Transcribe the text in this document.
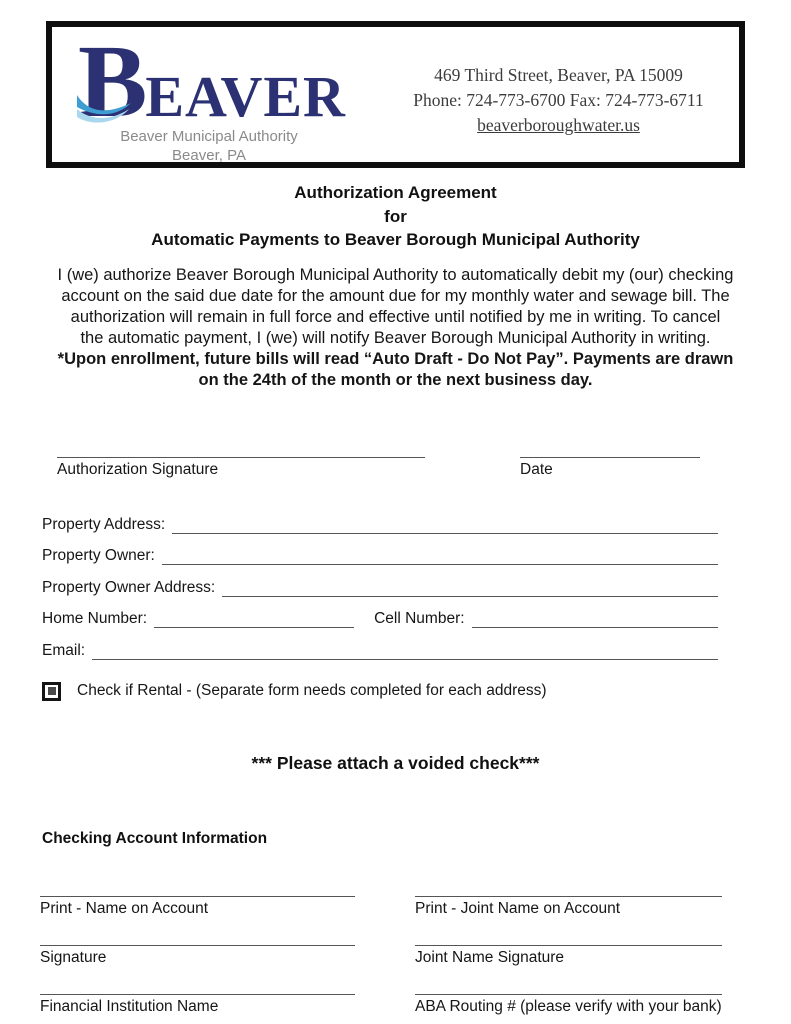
BEAVER
Beaver Municipal Authority
Beaver, PA
469 Third Street, Beaver, PA 15009
Phone: 724-773-6700 Fax: 724-773-6711
beaverboroughwater.us
Authorization Agreement
for
Automatic Payments to Beaver Borough Municipal Authority
I (we) authorize Beaver Borough Municipal Authority to automatically debit my (our) checking
account on the said due date for the amount due for my monthly water and sewage bill. The
authorization will remain in full force and effective until notified by me in writing. To cancel
the automatic payment, I (we) will notify Beaver Borough Municipal Authority in writing.
*Upon enrollment, future bills will read “Auto Draft - Do Not Pay”. Payments are drawn
on the 24th of the month or the next business day.
Authorization Signature	Date
Property Address:
Property Owner:
Property Owner Address:
Home Number:	Cell Number:
Email:
Check if Rental - (Separate form needs completed for each address)
*** Please attach a voided check***
Checking Account Information
Print - Name on Account	Print - Joint Name on Account
Signature	Joint Name Signature
Financial Institution Name	ABA Routing # (please verify with your bank)
